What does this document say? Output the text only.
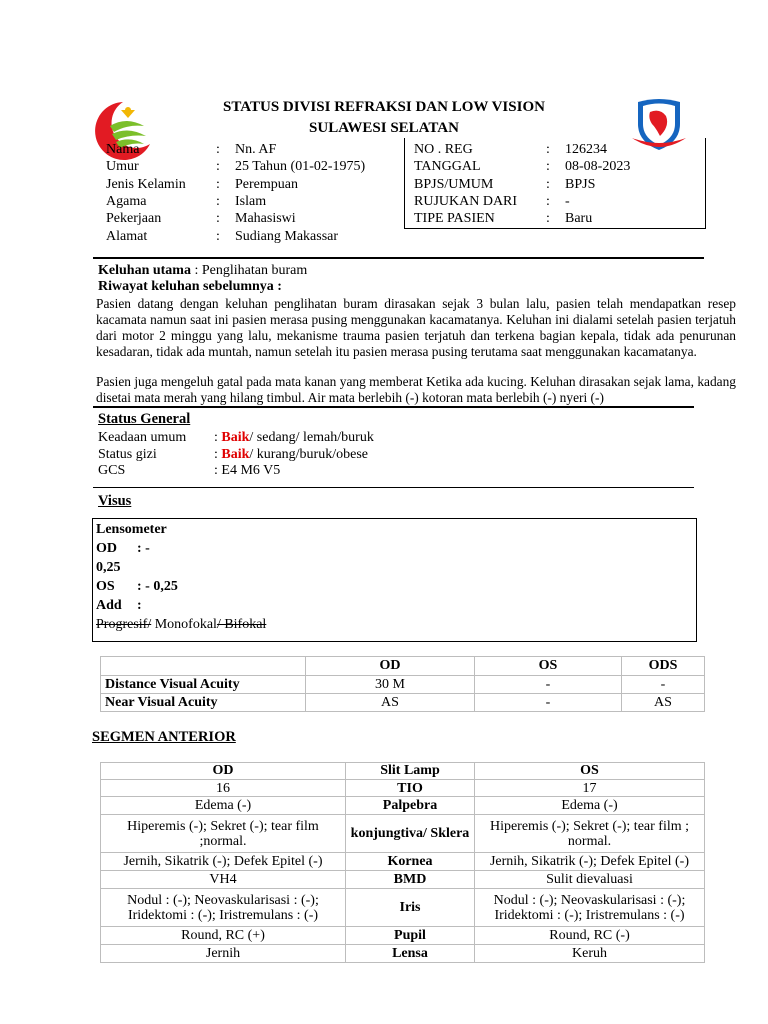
STATUS DIVISI REFRAKSI DAN LOW VISION
SULAWESI SELATAN
Nama	: Nn. AF
Umur	: 25 Tahun (01-02-1975)
Jenis Kelamin : Perempuan
Agama	: Islam
Pekerjaan	: Mahasiswi
Alamat	: Sudiang Makassar
NO . REG	: 126234
TANGGAL	: 08-08-2023
BPJS/UMUM	: BPJS
RUJUKAN DARI : -
TIPE PASIEN	: Baru
Keluhan utama : Penglihatan buram
Riwayat keluhan sebelumnya :
Pasien datang dengan keluhan penglihatan buram dirasakan sejak 3 bulan lalu, pasien telah mendapatkan resep kacamata namun saat ini pasien merasa pusing menggunakan kacamatanya. Keluhan ini dialami setelah pasien terjatuh dari motor 2 minggu yang lalu, mekanisme trauma pasien terjatuh dan terkena bagian kepala, tidak ada penurunan kesadaran, tidak ada muntah, namun setelah itu pasien merasa pusing terutama saat menggunakan kacamatanya.
Pasien juga mengeluh gatal pada mata kanan yang memberat Ketika ada kucing. Keluhan dirasakan sejak lama, kadang disetai mata merah yang hilang timbul. Air mata berlebih (-) kotoran mata berlebih (-) nyeri (-)
Status General
Keadaan umum : Baik/ sedang/ lemah/buruk
Status gizi	: Baik/ kurang/buruk/obese
GCS	: E4 M6 V5
Visus
Lensometer
OD : -
0,25
OS : - 0,25
Add :
Progresif/ Monofokal/ Bifokal
	OD	OS	ODS
Distance Visual Acuity	30 M	-	-
Near Visual Acuity	AS	-	AS
SEGMEN ANTERIOR
OD	Slit Lamp	OS
16	TIO	17
Edema (-)	Palpebra	Edema (-)
Hiperemis (-); Sekret (-); tear film ;normal.	konjungtiva/ Sklera	Hiperemis (-); Sekret (-); tear film ; normal.
Jernih, Sikatrik (-); Defek Epitel (-)	Kornea	Jernih, Sikatrik (-); Defek Epitel (-)
VH4	BMD	Sulit dievaluasi
Nodul : (-); Neovaskularisasi : (-); Iridektomi : (-); Iristremulans : (-)	Iris	Nodul : (-); Neovaskularisasi : (-); Iridektomi : (-); Iristremulans : (-)
Round, RC (+)	Pupil	Round, RC (-)
Jernih	Lensa	Keruh
